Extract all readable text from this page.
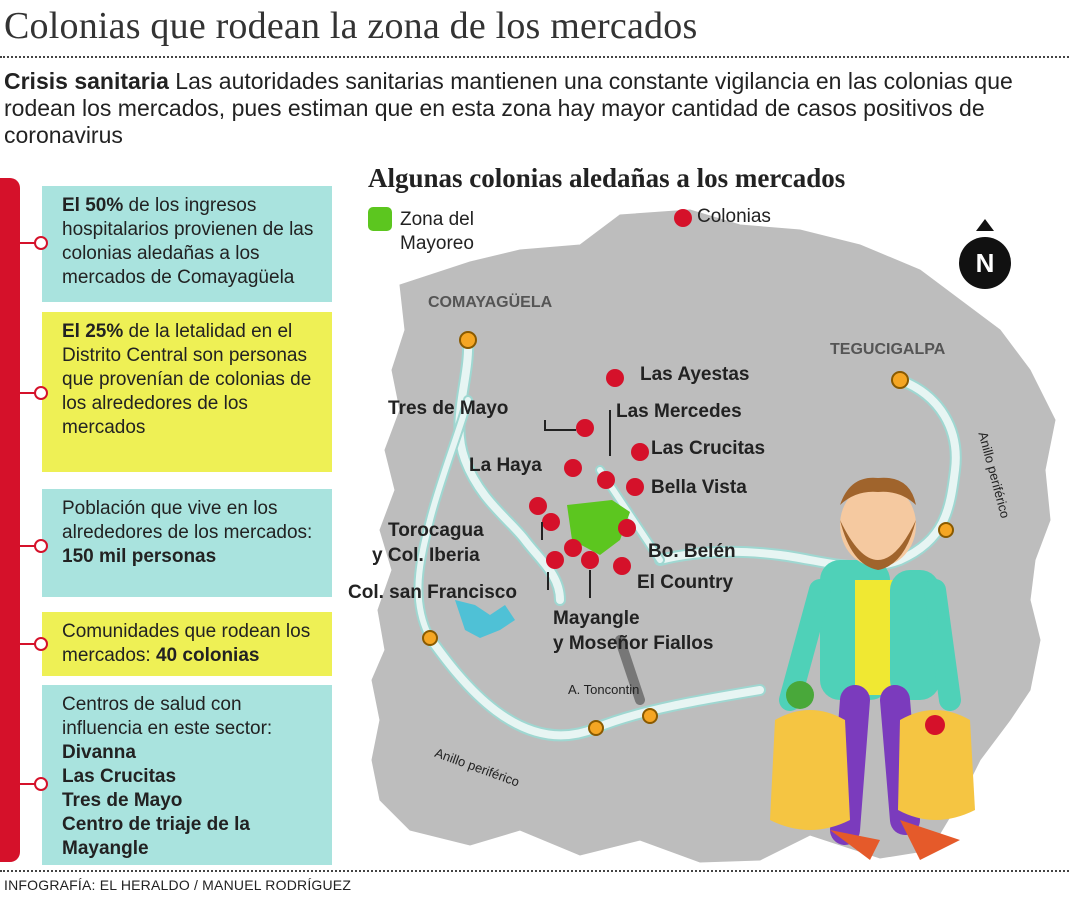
Colonias que rodean la zona de los mercados
Crisis sanitaria Las autoridades sanitarias mantienen una constante vigilancia en las colonias que rodean los mercados, pues estiman que en esta zona hay mayor cantidad de casos positivos de coronavirus
El 50% de los ingresos hospitalarios provienen de las colonias aledañas a los mercados de Comayagüela
El 25% de la letalidad en el Distrito Central son personas que provenían de colonias de los alrededores de los mercados
Población que vive en los alrededores de los mercados: 150 mil personas
Comunidades que rodean los mercados: 40 colonias
Centros de salud con influencia en este sector:
Divanna
Las Crucitas
Tres de Mayo
Centro de triaje de la Mayangle
Algunas colonias aledañas a los mercados
Zona del
Mayoreo
Colonias
N
COMAYAGÜELA
TEGUCIGALPA
Las Ayestas
Tres de Mayo	Las Mercedes
Las Crucitas
La Haya
Bella Vista
Torocagua
y Col. Iberia	Bo. Belén
El Country
Col. san Francisco
Mayangle
y Moseñor Fiallos
A. Toncontin
Anillo periférico
Anillo periférico
INFOGRAFÍA: EL HERALDO / MANUEL RODRÍGUEZ
